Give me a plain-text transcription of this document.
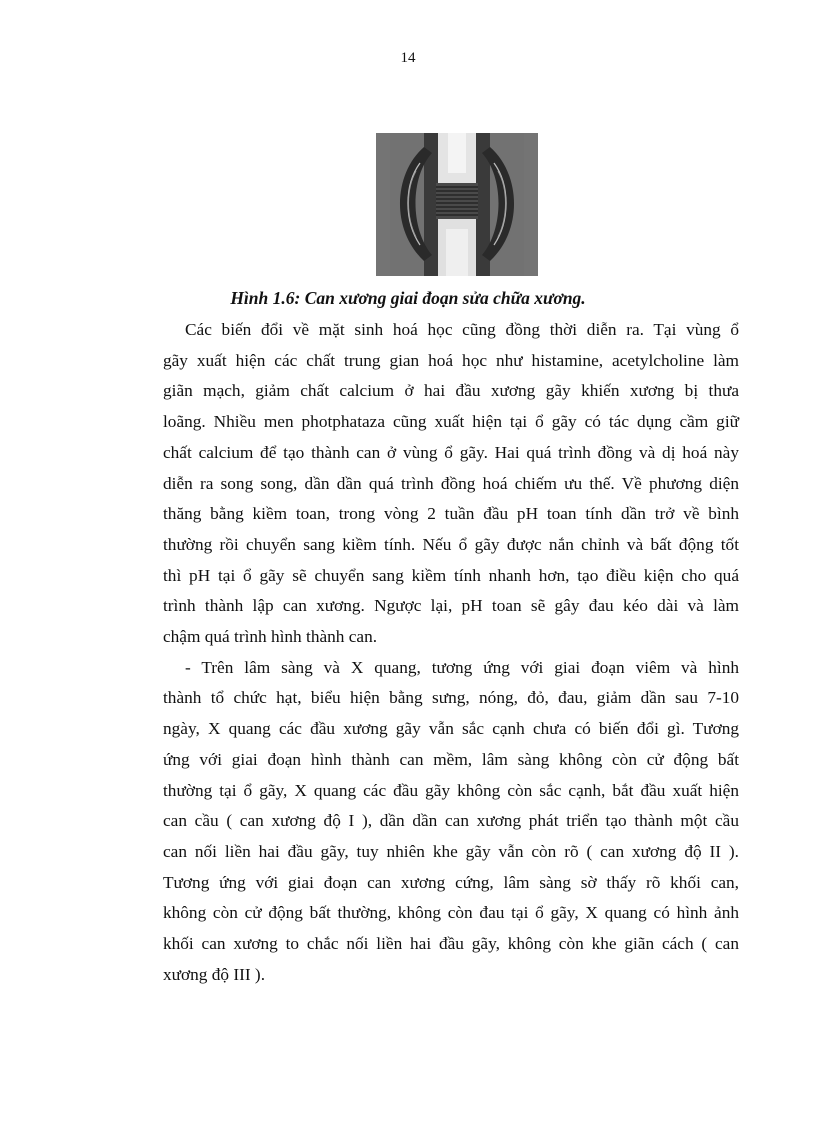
14
Hình 1.6: Can xương giai đoạn sửa chữa xương.
Các biến đổi về mặt sinh hoá học cũng đồng thời diễn ra. Tại vùng ổ
gãy xuất hiện các chất trung gian hoá học như histamine, acetylcholine làm
giãn mạch, giảm chất calcium ở hai đầu xương gãy khiến xương bị thưa
loãng. Nhiều men photphataza cũng xuất hiện tại ổ gãy có tác dụng cầm giữ
chất calcium để tạo thành can ở vùng ổ gãy. Hai quá trình đồng và dị hoá này
diễn ra song song, dần dần quá trình đồng hoá chiếm ưu thế. Về phương diện
thăng bằng kiềm toan, trong vòng 2 tuần đầu pH toan tính dần trở về bình
thường rồi chuyển sang kiềm tính. Nếu ổ gãy được nắn chỉnh và bất động tốt
thì pH tại ổ gãy sẽ chuyển sang kiềm tính nhanh hơn, tạo điều kiện cho quá
trình thành lập can xương. Ngược lại, pH toan sẽ gây đau kéo dài và làm
chậm quá trình hình thành can.
- Trên lâm sàng và X quang, tương ứng với giai đoạn viêm và hình
thành tổ chức hạt, biểu hiện bằng sưng, nóng, đỏ, đau, giảm dần sau 7-10
ngày, X quang các đầu xương gãy vẫn sắc cạnh chưa có biến đổi gì. Tương
ứng với giai đoạn hình thành can mềm, lâm sàng không còn cử động bất
thường tại ổ gãy, X quang các đầu gãy không còn sắc cạnh, bắt đầu xuất hiện
can cầu ( can xương độ I ), dần dần can xương phát triển tạo thành một cầu
can nối liền hai đầu gãy, tuy nhiên khe gãy vẫn còn rõ ( can xương độ II ).
Tương ứng với giai đoạn can xương cứng, lâm sàng sờ thấy rõ khối can,
không còn cử động bất thường, không còn đau tại ổ gãy, X quang có hình ảnh
khối can xương to chắc nối liền hai đầu gãy, không còn khe giãn cách ( can
xương độ III ).
